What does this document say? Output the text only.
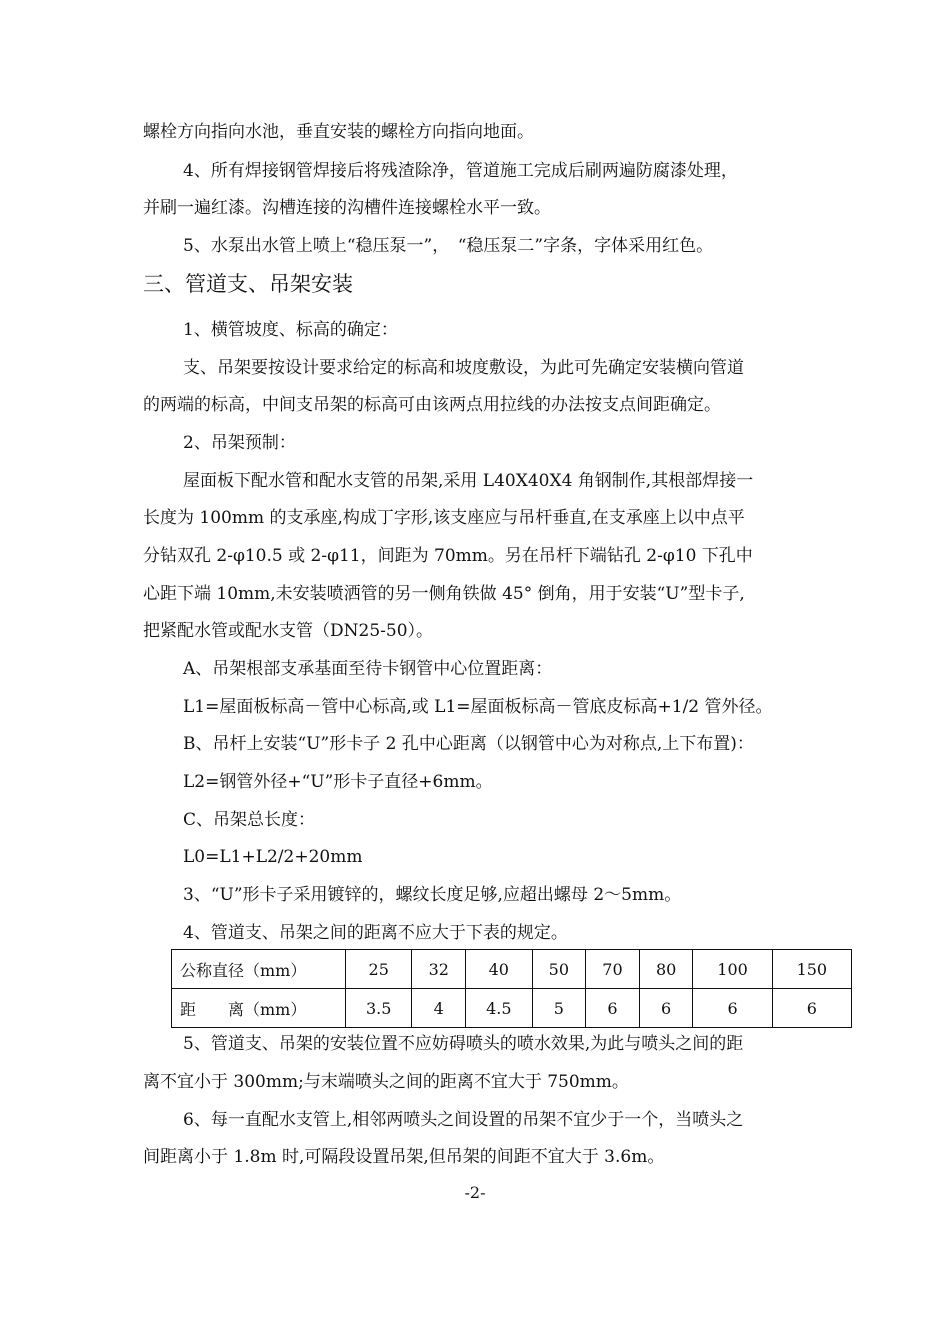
螺栓方向指向水池，垂直安装的螺栓方向指向地面。
4、所有焊接钢管焊接后将残渣除净，管道施工完成后刷两遍防腐漆处理，
并刷一遍红漆。沟槽连接的沟槽件连接螺栓水平一致。
5、水泵出水管上喷上“稳压泵一”，　“稳压泵二”字条，字体采用红色。
三、管道支、吊架安装
1、横管坡度、标高的确定：
支、吊架要按设计要求给定的标高和坡度敷设，为此可先确定安装横向管道
的两端的标高，中间支吊架的标高可由该两点用拉线的办法按支点间距确定。
2、吊架预制：
屋面板下配水管和配水支管的吊架,采用 L40X40X4 角钢制作,其根部焊接一
长度为 100mm 的支承座,构成丁字形,该支座应与吊杆垂直,在支承座上以中点平
分钻双孔 2-φ10.5 或 2-φ11，间距为 70mm。另在吊杆下端钻孔 2-φ10 下孔中
心距下端 10mm,未安装喷洒管的另一侧角铁做 45° 倒角，用于安装“U”型卡子,
把紧配水管或配水支管（DN25-50）。
A、吊架根部支承基面至待卡钢管中心位置距离：
L1=屋面板标高－管中心标高,或 L1=屋面板标高－管底皮标高+1/2 管外径。
B、吊杆上安装“U”形卡子 2 孔中心距离（以钢管中心为对称点,上下布置)：
L2=钢管外径+“U”形卡子直径+6mm。
C、吊架总长度：
L0=L1+L2/2+20mm
3、“U”形卡子采用镀锌的，螺纹长度足够,应超出螺母 2～5mm。
4、管道支、吊架之间的距离不应大于下表的规定。
公称直径（mm）	25	32	40	50	70	80	100	150
距　　离（mm）	3.5	4	4.5	5	6	6	6	6
5、管道支、吊架的安装位置不应妨碍喷头的喷水效果,为此与喷头之间的距
离不宜小于 300mm;与末端喷头之间的距离不宜大于 750mm。
6、每一直配水支管上,相邻两喷头之间设置的吊架不宜少于一个，当喷头之
间距离小于 1.8m 时,可隔段设置吊架,但吊架的间距不宜大于 3.6m。
-2-
